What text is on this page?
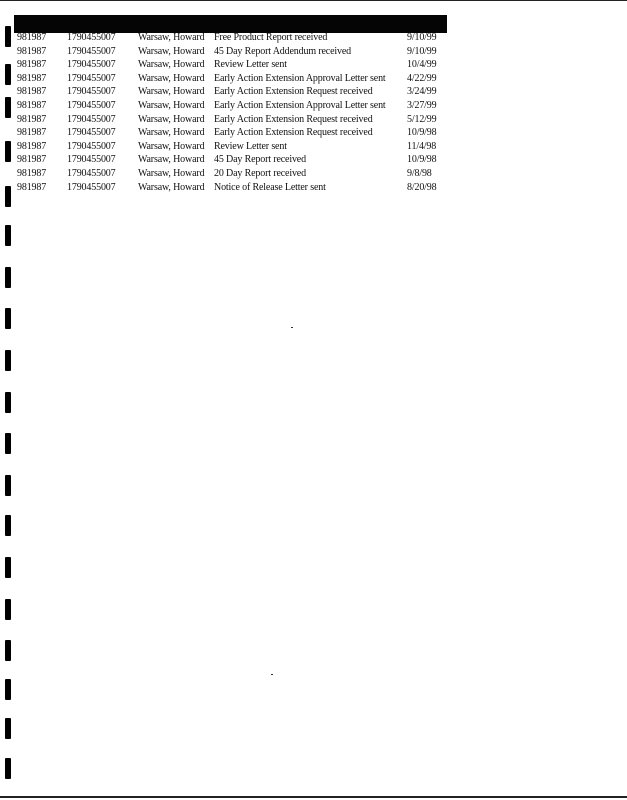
981987 1790455007 Warsaw, Howard Free Product Report received	9/10/99
981987 1790455007 Warsaw, Howard 45 Day Report Addendum received	9/10/99
981987 1790455007 Warsaw, Howard Review Letter sent	10/4/99
981987 1790455007 Warsaw, Howard Early Action Extension Approval Letter sent 4/22/99
981987 1790455007 Warsaw, Howard Early Action Extension Request received	3/24/99
981987 1790455007 Warsaw, Howard Early Action Extension Approval Letter sent 3/27/99
981987 1790455007 Warsaw, Howard Early Action Extension Request received	5/12/99
981987 1790455007 Warsaw, Howard Early Action Extension Request received	10/9/98
981987 1790455007 Warsaw, Howard Review Letter sent	11/4/98
981987 1790455007 Warsaw, Howard 45 Day Report received	10/9/98
981987 1790455007 Warsaw, Howard 20 Day Report received	9/8/98
981987 1790455007 Warsaw, Howard Notice of Release Letter sent	8/20/98
